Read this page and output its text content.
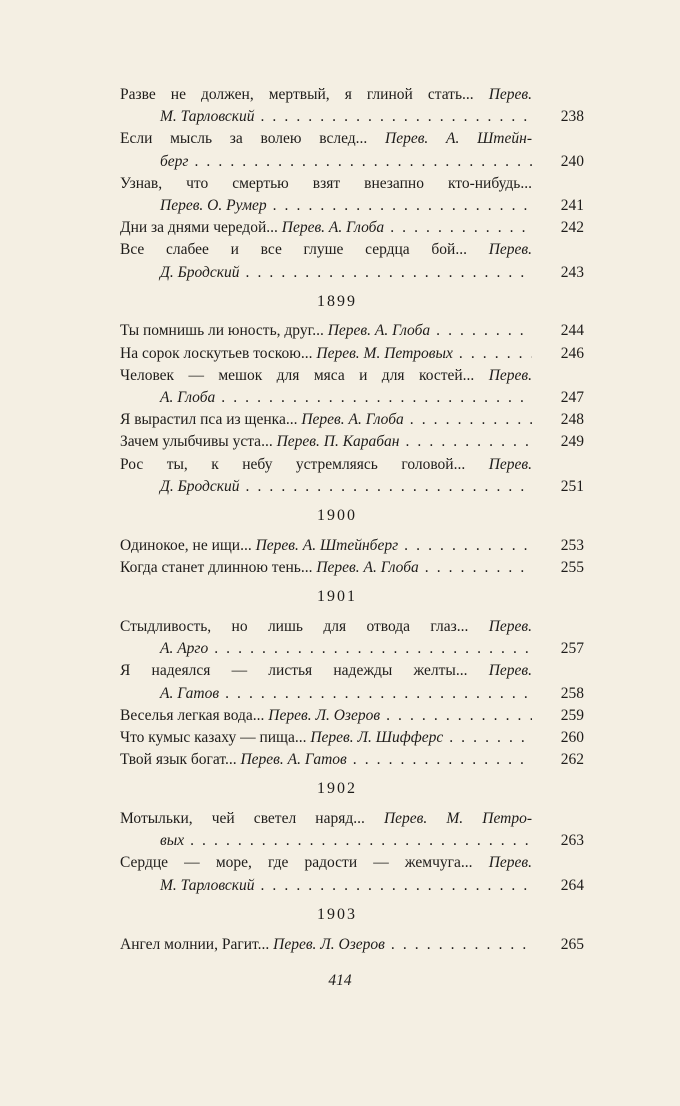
Разве не должен, мертвый, я глиной стать... Перев.
М. Тарловский . . .	238
Если мысль за волею вслед... Перев. А. Штейн-
берг . . .	240
Узнав, что смертью взят внезапно кто-нибудь...
Перев. О. Румер . . .	241
Дни за днями чередой... Перев. А. Глоба . . .	242
Все слабее и все глуше сердца бой... Перев.
Д. Бродский . . .	243
1899
Ты помнишь ли юность, друг... Перев. А. Глоба . . .	244
На сорок лоскутьев тоскою... Перев. М. Петровых . . .	246
Человек — мешок для мяса и для костей... Перев.
А. Глоба . . .	247
Я вырастил пса из щенка... Перев. А. Глоба . . .	248
Зачем улыбчивы уста... Перев. П. Карабан . . .	249
Рос ты, к небу устремляясь головой... Перев.
Д. Бродский . . .	251
1900
Одинокое, не ищи... Перев. А. Штейнберг . . .	253
Когда станет длинною тень... Перев. А. Глоба . . .	255
1901
Стыдливость, но лишь для отвода глаз... Перев.
А. Арго . . .	257
Я надеялся — листья надежды желты... Перев.
А. Гатов . . .	258
Веселья легкая вода... Перев. Л. Озеров . . .	259
Что кумыс казаху — пища... Перев. Л. Шифферс . . .	260
Твой язык богат... Перев. А. Гатов . . .	262
1902
Мотыльки, чей светел наряд... Перев. М. Петро-
вых . . .	263
Сердце — море, где радости — жемчуга... Перев.
М. Тарловский . . .	264
1903
Ангел молнии, Рагит... Перев. Л. Озеров . . .	265
414
